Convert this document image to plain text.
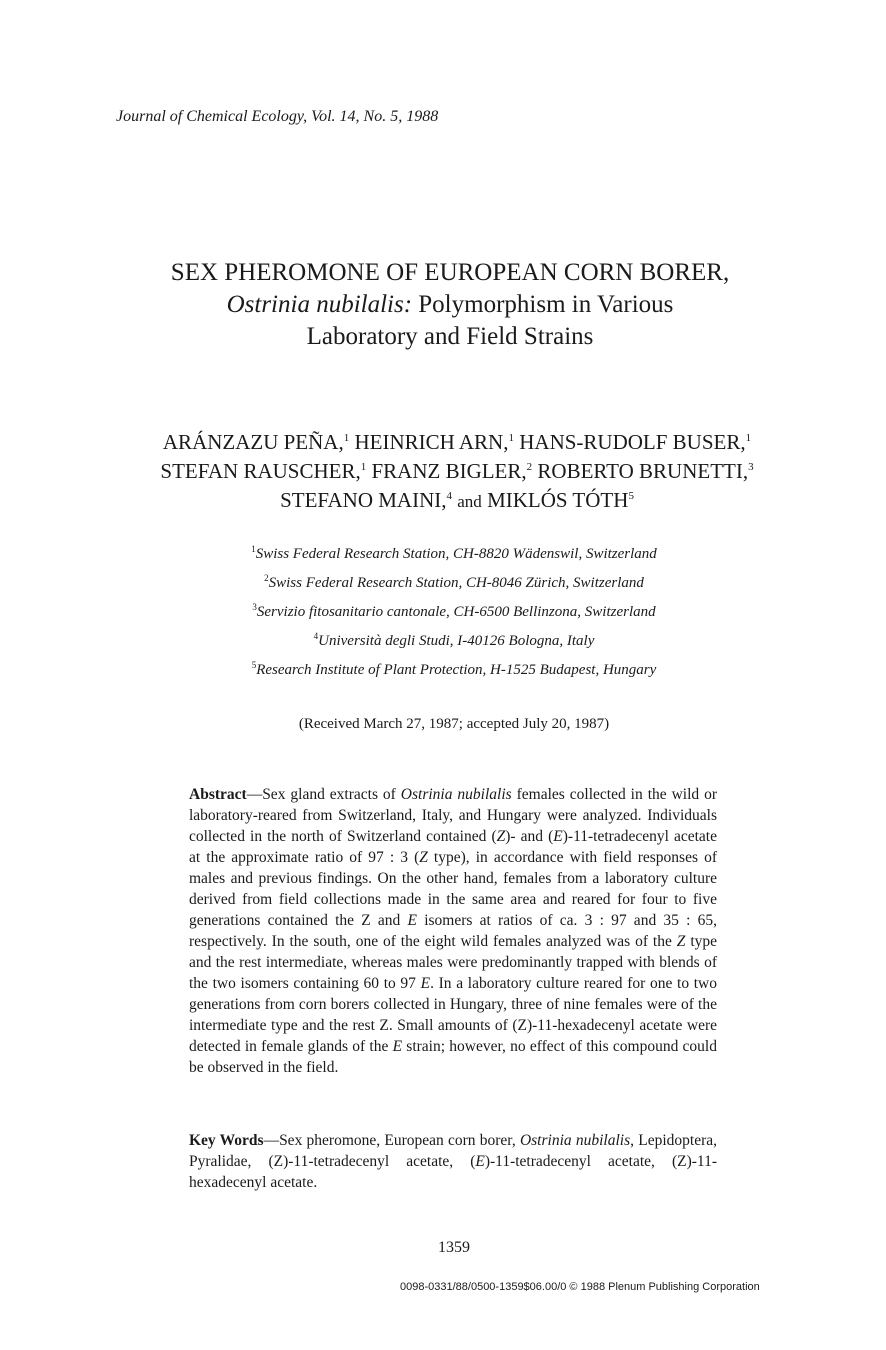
Journal of Chemical Ecology, Vol. 14, No. 5, 1988
SEX PHEROMONE OF EUROPEAN CORN BORER,
Ostrinia nubilalis: Polymorphism in Various
Laboratory and Field Strains
ARÁNZAZU PEÑA,$^1$ HEINRICH ARN,$^1$ HANS-RUDOLF BUSER,$^1$
STEFAN RAUSCHER,$^1$ FRANZ BIGLER,$^2$ ROBERTO BRUNETTI,$^3$
STEFANO MAINI,$^4$ and MIKLÓS TÓTH$^5$
$^1$Swiss Federal Research Station, CH-8820 Wädenswil, Switzerland
$^2$Swiss Federal Research Station, CH-8046 Zürich, Switzerland
$^3$Servizio fitosanitario cantonale, CH-6500 Bellinzona, Switzerland
$^4$Università degli Studi, I-40126 Bologna, Italy
$^5$Research Institute of Plant Protection, H-1525 Budapest, Hungary
(Received March 27, 1987; accepted July 20, 1987)
Abstract—Sex gland extracts of Ostrinia nubilalis females collected in the wild or laboratory-reared from Switzerland, Italy, and Hungary were analyzed. Individuals collected in the north of Switzerland contained (Z)- and (E)-11-tetradecenyl acetate at the approximate ratio of 97 : 3 (Z type), in accordance with field responses of males and previous findings. On the other hand, females from a laboratory culture derived from field collections made in the same area and reared for four to five generations contained the Z and E isomers at ratios of ca. 3 : 97 and 35 : 65, respectively. In the south, one of the eight wild females analyzed was of the Z type and the rest intermediate, whereas males were predominantly trapped with blends of the two isomers containing 60 to 97 E. In a laboratory culture reared for one to two generations from corn borers collected in Hungary, three of nine females were of the intermediate type and the rest Z. Small amounts of (Z)-11-hexadecenyl acetate were detected in female glands of the E strain; however, no effect of this compound could be observed in the field.
Key Words—Sex pheromone, European corn borer, Ostrinia nubilalis, Lepidoptera, Pyralidae, (Z)-11-tetradecenyl acetate, (E)-11-tetradecenyl acetate, (Z)-11-hexadecenyl acetate.
1359
0098-0331/88/0500-1359$06.00/0 © 1988 Plenum Publishing Corporation
